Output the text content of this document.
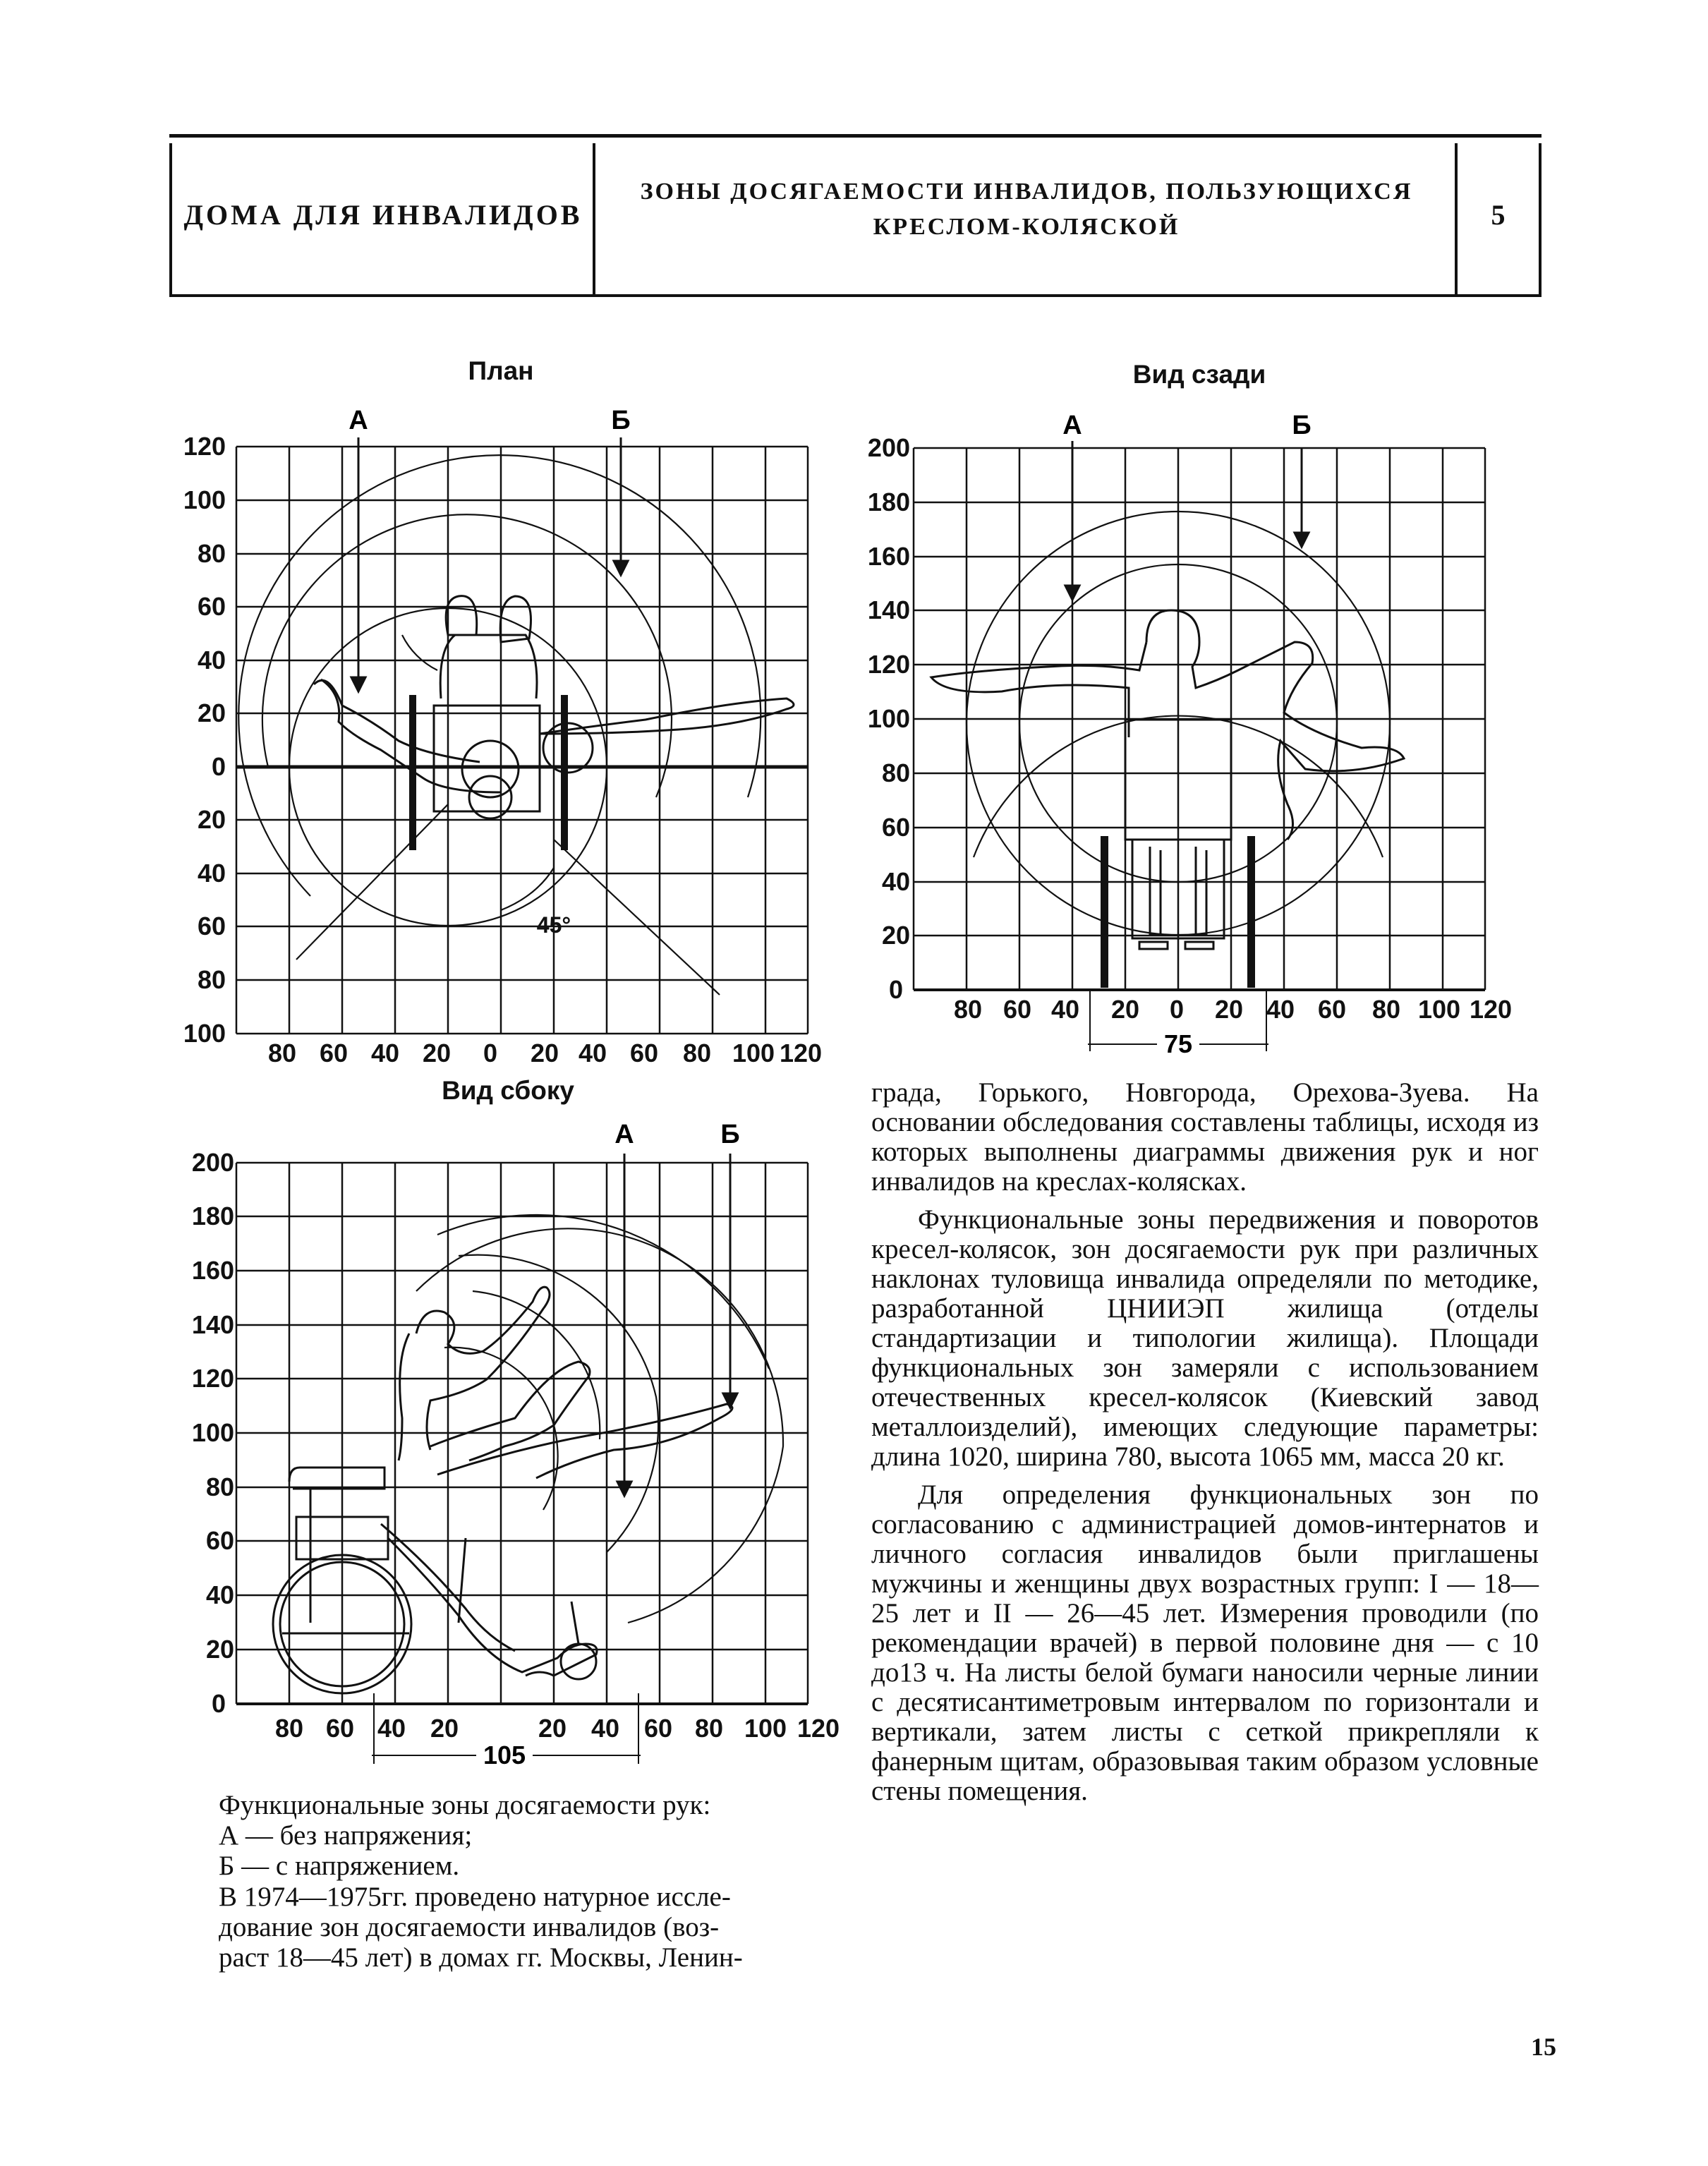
ДОМА ДЛЯ ИНВАЛИДОВ
ЗОНЫ ДОСЯГАЕМОСТИ ИНВАЛИДОВ, ПОЛЬЗУЮЩИХСЯ
КРЕСЛОМ-КОЛЯСКОЙ	5
План	Вид сзади
Вид сбоку
А	Б
45°
120
100
80
60
40
20
0
20
40
60
80
100
80 60 40 20 0 20 40 60 80 100 120
А	Б
200
180
160
140
120
100
80
60
40
20
0
80 60 40 20 0 20 40 60 80 100 120
75
А	Б
200
180
160
140
120
100
80
60
40
20
0
80 60 40 20	20 40 60 80 100 120
105

Функциональные зоны досягаемости рук:

А — без напряжения;

Б — с напряжением.

В 1974—1975гг. проведено натурное иссле-

дование зон досягаемости инвалидов (воз-

раст 18—45 лет) в домах гг. Москвы, Ленин-

града, Горького, Новгорода, Орехова-Зуева. На основании обследования составлены таблицы, исходя из которых выполнены диаграммы движения рук и ног инвалидов на креслах-колясках.

Функциональные зоны передвижения и поворотов кресел-колясок, зон досягаемости рук при различных наклонах туловища инвалида определяли по методике, разработанной ЦНИИЭП жилища (отделы стандартизации и типологии жилища). Площади функциональных зон замеряли с использованием отечественных кресел-колясок (Киевский завод металлоизделий), имеющих следующие параметры: длина 1020, ширина 780, высота 1065 мм, масса 20 кг.

Для определения функциональных зон по согласованию с администрацией домов-интернатов и личного согласия инвалидов были приглашены мужчины и женщины двух возрастных групп: I — 18—25 лет и II — 26—45 лет. Измерения проводили (по рекомендации врачей) в первой половине дня — с 10 до13 ч. На листы белой бумаги наносили черные линии с десятисантиметровым интервалом по горизонтали и вертикали, затем листы с сеткой прикрепляли к фанерным щитам, образовывая таким образом условные стены помещения.

15
